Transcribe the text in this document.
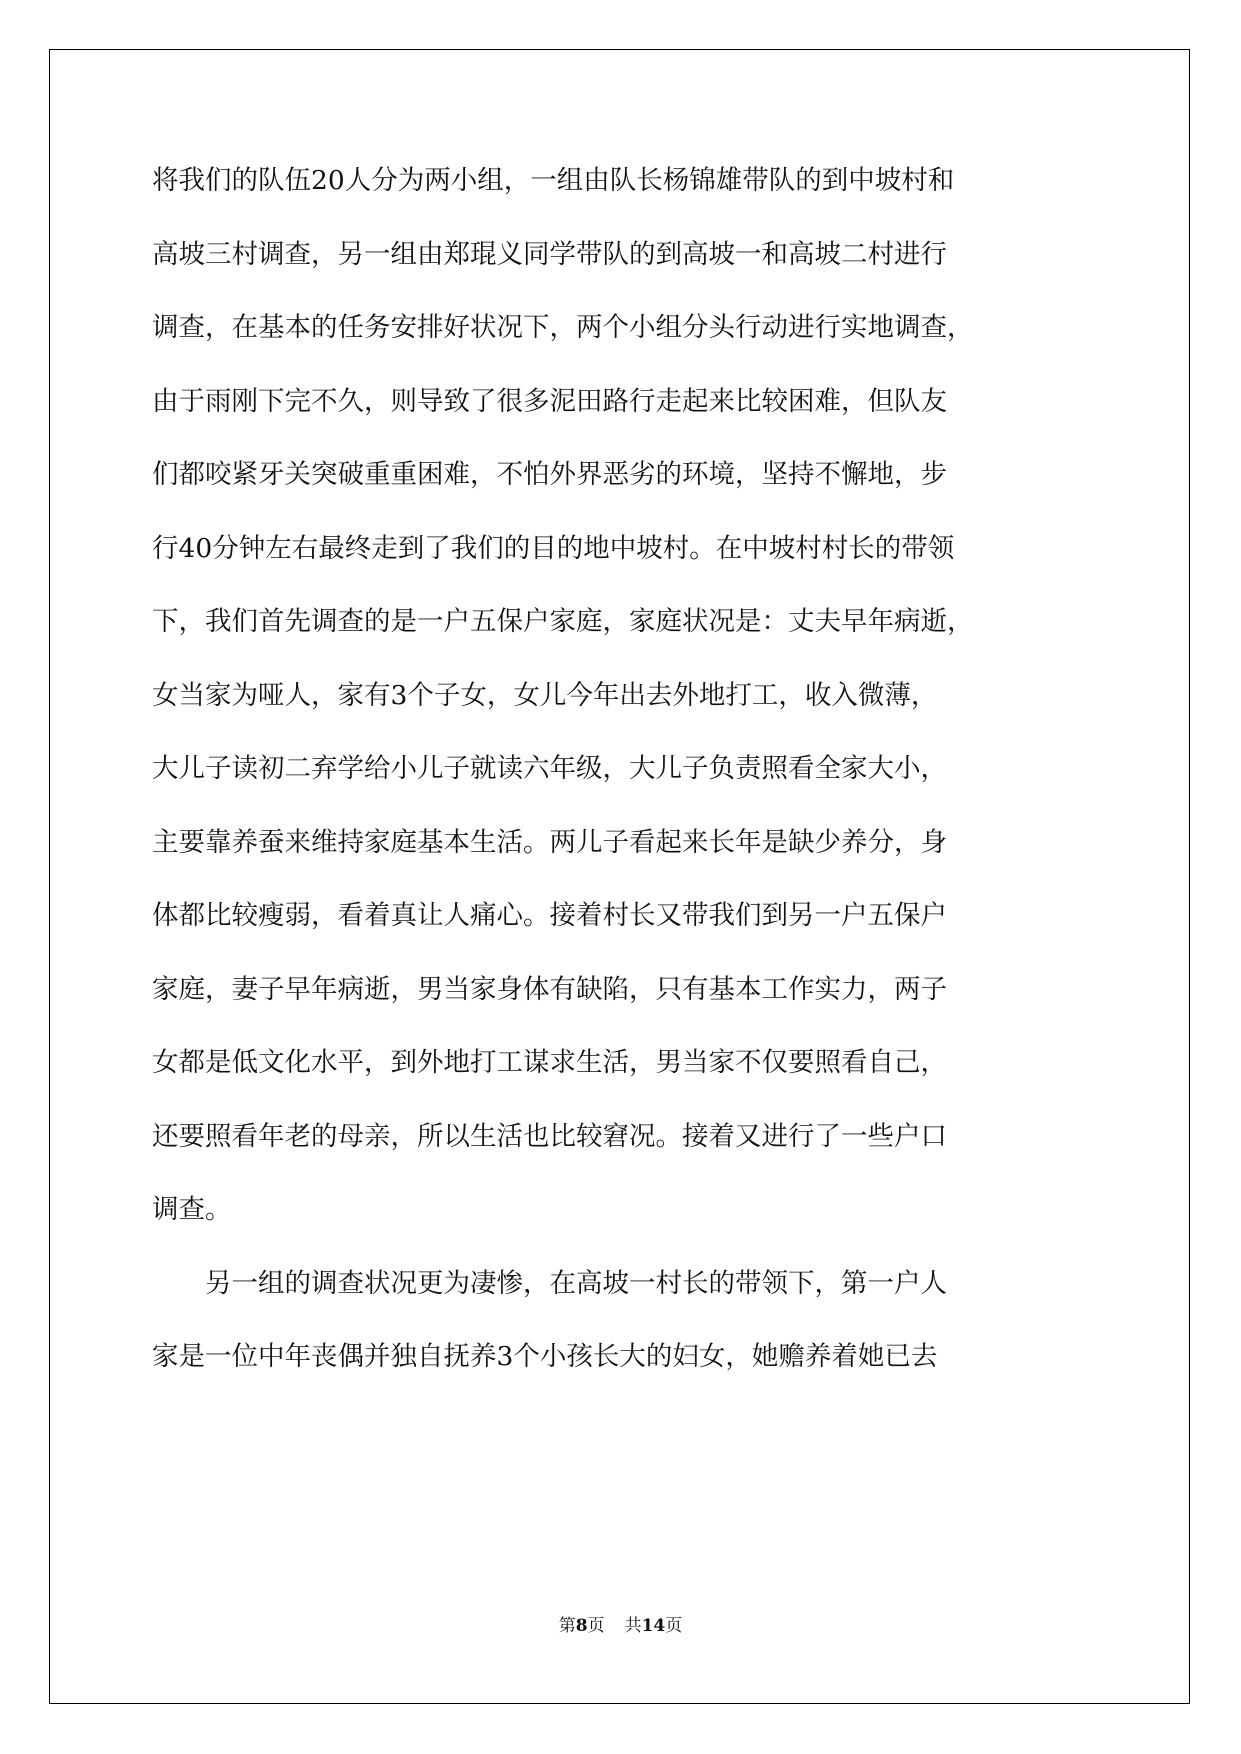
将我们的队伍20人分为两小组，一组由队长杨锦雄带队的到中坡村和
高坡三村调查，另一组由郑琨义同学带队的到高坡一和高坡二村进行
调查，在基本的任务安排好状况下，两个小组分头行动进行实地调查，
由于雨刚下完不久，则导致了很多泥田路行走起来比较困难，但队友
们都咬紧牙关突破重重困难，不怕外界恶劣的环境，坚持不懈地，步
行40分钟左右最终走到了我们的目的地中坡村。在中坡村村长的带领
下，我们首先调查的是一户五保户家庭，家庭状况是：丈夫早年病逝，
女当家为哑人，家有3个子女，女儿今年出去外地打工，收入微薄，
大儿子读初二弃学给小儿子就读六年级，大儿子负责照看全家大小，
主要靠养蚕来维持家庭基本生活。两儿子看起来长年是缺少养分，身
体都比较瘦弱，看着真让人痛心。接着村长又带我们到另一户五保户
家庭，妻子早年病逝，男当家身体有缺陷，只有基本工作实力，两子
女都是低文化水平，到外地打工谋求生活，男当家不仅要照看自己，
还要照看年老的母亲，所以生活也比较窘况。接着又进行了一些户口
调查。
　　另一组的调查状况更为凄惨，在高坡一村长的带领下，第一户人
家是一位中年丧偶并独自抚养3个小孩长大的妇女，她赡养着她已去
第8页 共14页
